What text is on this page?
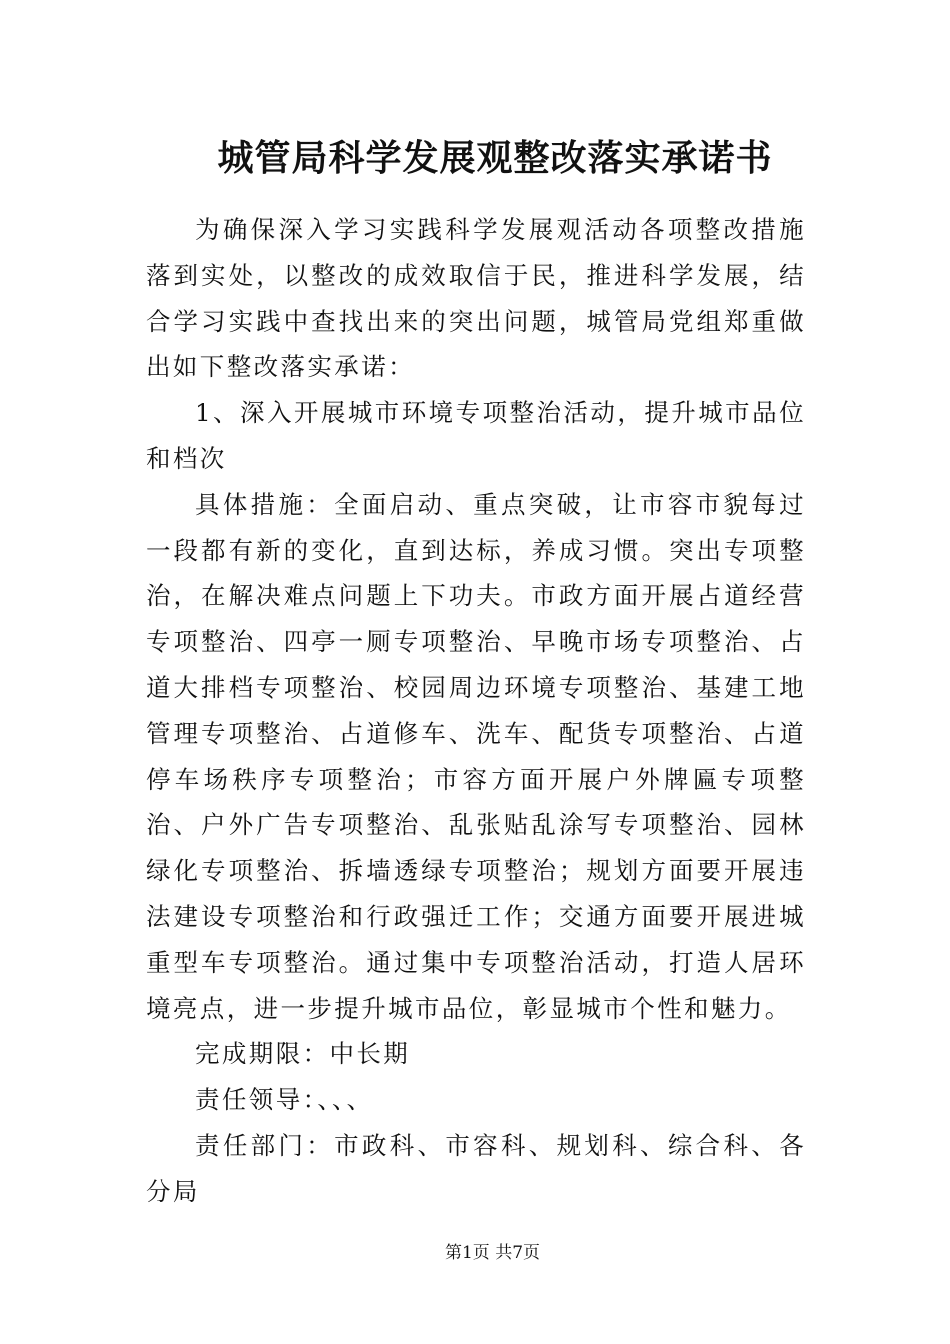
城管局科学发展观整改落实承诺书

为确保深入学习实践科学发展观活动各项整改措施落到实处，以整改的成效取信于民，推进科学发展，结合学习实践中查找出来的突出问题，城管局党组郑重做出如下整改落实承诺：

1、深入开展城市环境专项整治活动，提升城市品位和档次

具体措施：全面启动、重点突破，让市容市貌每过一段都有新的变化，直到达标，养成习惯。突出专项整治，在解决难点问题上下功夫。市政方面开展占道经营专项整治、四亭一厕专项整治、早晚市场专项整治、占道大排档专项整治、校园周边环境专项整治、基建工地管理专项整治、占道修车、洗车、配货专项整治、占道停车场秩序专项整治；市容方面开展户外牌匾专项整治、户外广告专项整治、乱张贴乱涂写专项整治、园林绿化专项整治、拆墙透绿专项整治；规划方面要开展违法建设专项整治和行政强迁工作；交通方面要开展进城重型车专项整治。通过集中专项整治活动，打造人居环境亮点，进一步提升城市品位，彰显城市个性和魅力。

完成期限：中长期

责任领导：、、、

责任部门：市政科、市容科、规划科、综合科、各分局

第1页 共7页
